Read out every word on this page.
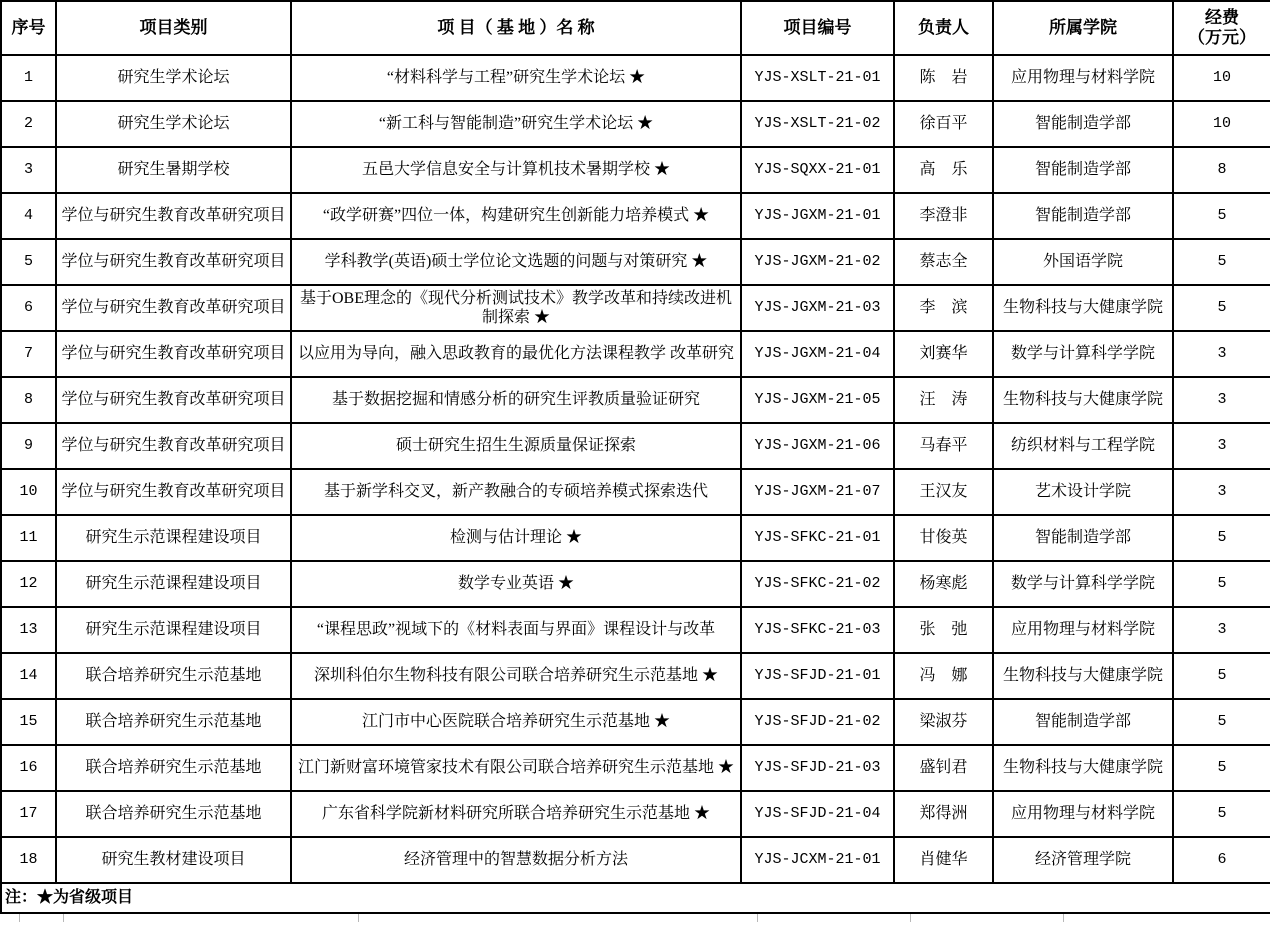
序号	项目类别	项 目（ 基 地 ）名 称	项目编号	负责人	所属学院	经费
（万元）

1	研究生学术论坛	“材料科学与工程”研究生学术论坛 ★	YJS-XSLT-21-01	陈　岩	应用物理与材料学院	10
2	研究生学术论坛	“新工科与智能制造”研究生学术论坛 ★	YJS-XSLT-21-02	徐百平	智能制造学部	10
3	研究生暑期学校	五邑大学信息安全与计算机技术暑期学校 ★	YJS-SQXX-21-01	高　乐	智能制造学部	8
4	学位与研究生教育改革研究项目	“政学研赛”四位一体，构建研究生创新能力培养模式 ★	YJS-JGXM-21-01	李澄非	智能制造学部	5
5	学位与研究生教育改革研究项目	学科教学(英语)硕士学位论文选题的问题与对策研究 ★	YJS-JGXM-21-02	蔡志全	外国语学院	5
6	学位与研究生教育改革研究项目	基于OBE理念的《现代分析测试技术》教学改革和持续改进机制探索 ★	YJS-JGXM-21-03	李　滨	生物科技与大健康学院	5
7	学位与研究生教育改革研究项目	以应用为导向，融入思政教育的最优化方法课程教学 改革研究	YJS-JGXM-21-04	刘赛华	数学与计算科学学院	3
8	学位与研究生教育改革研究项目	基于数据挖掘和情感分析的研究生评教质量验证研究	YJS-JGXM-21-05	汪　涛	生物科技与大健康学院	3
9	学位与研究生教育改革研究项目	硕士研究生招生生源质量保证探索	YJS-JGXM-21-06	马春平	纺织材料与工程学院	3
10	学位与研究生教育改革研究项目	基于新学科交叉，新产教融合的专硕培养模式探索迭代	YJS-JGXM-21-07	王汉友	艺术设计学院	3
11	研究生示范课程建设项目	检测与估计理论 ★	YJS-SFKC-21-01	甘俊英	智能制造学部	5
12	研究生示范课程建设项目	数学专业英语 ★	YJS-SFKC-21-02	杨寒彪	数学与计算科学学院	5
13	研究生示范课程建设项目	“课程思政”视域下的《材料表面与界面》课程设计与改革	YJS-SFKC-21-03	张　弛	应用物理与材料学院	3
14	联合培养研究生示范基地	深圳科伯尔生物科技有限公司联合培养研究生示范基地 ★	YJS-SFJD-21-01	冯　娜	生物科技与大健康学院	5
15	联合培养研究生示范基地	江门市中心医院联合培养研究生示范基地 ★	YJS-SFJD-21-02	梁淑芬	智能制造学部	5
16	联合培养研究生示范基地	江门新财富环境管家技术有限公司联合培养研究生示范基地 ★	YJS-SFJD-21-03	盛钊君	生物科技与大健康学院	5
17	联合培养研究生示范基地	广东省科学院新材料研究所联合培养研究生示范基地 ★	YJS-SFJD-21-04	郑得洲	应用物理与材料学院	5
18	研究生教材建设项目	经济管理中的智慧数据分析方法	YJS-JCXM-21-01	肖健华	经济管理学院	6
注：★为省级项目						
